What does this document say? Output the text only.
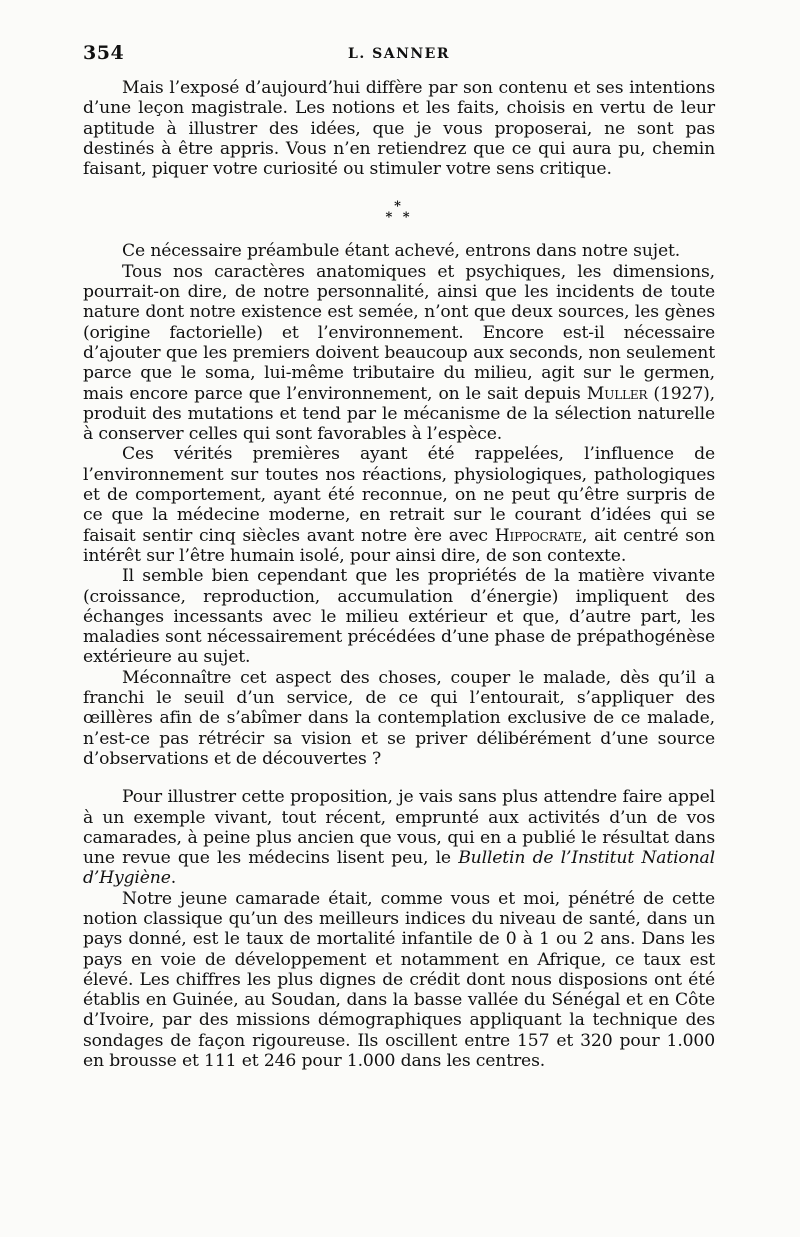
354	L. SANNER

Mais l’exposé d’aujourd’hui diffère par son contenu et ses intentions d’une leçon magistrale. Les notions et les faits, choisis en vertu de leur aptitude à illustrer des idées, que je vous proposerai, ne sont pas destinés à être appris. Vous n’en retiendrez que ce qui aura pu, chemin faisant, piquer votre curiosité ou stimuler votre sens critique.

*
* *

Ce nécessaire préambule étant achevé, entrons dans notre sujet.

Tous nos caractères anatomiques et psychiques, les dimensions, pourrait-on dire, de notre personnalité, ainsi que les incidents de toute nature dont notre existence est semée, n’ont que deux sources, les gènes (origine factorielle) et l’environnement. Encore est-il nécessaire d’ajouter que les premiers doivent beaucoup aux seconds, non seulement parce que le soma, lui-même tributaire du milieu, agit sur le germen, mais encore parce que l’environnement, on le sait depuis Muller (1927), produit des mutations et tend par le mécanisme de la sélection naturelle à conserver celles qui sont favorables à l’espèce.

Ces vérités premières ayant été rappelées, l’influence de l’environnement sur toutes nos réactions, physiologiques, pathologiques et de comportement, ayant été reconnue, on ne peut qu’être surpris de ce que la médecine moderne, en retrait sur le courant d’idées qui se faisait sentir cinq siècles avant notre ère avec Hippocrate, ait centré son intérêt sur l’être humain isolé, pour ainsi dire, de son contexte.

Il semble bien cependant que les propriétés de la matière vivante (croissance, reproduction, accumulation d’énergie) impliquent des échanges incessants avec le milieu extérieur et que, d’autre part, les maladies sont nécessairement précédées d’une phase de prépathogénèse extérieure au sujet.

Méconnaître cet aspect des choses, couper le malade, dès qu’il a franchi le seuil d’un service, de ce qui l’entourait, s’appliquer des œillères afin de s’abîmer dans la contemplation exclusive de ce malade, n’est-ce pas rétrécir sa vision et se priver délibérément d’une source d’observations et de découvertes ?

Pour illustrer cette proposition, je vais sans plus attendre faire appel à un exemple vivant, tout récent, emprunté aux activités d’un de vos camarades, à peine plus ancien que vous, qui en a publié le résultat dans une revue que les médecins lisent peu, le Bulletin de l’Institut National d’Hygiène.

Notre jeune camarade était, comme vous et moi, pénétré de cette notion classique qu’un des meilleurs indices du niveau de santé, dans un pays donné, est le taux de mortalité infantile de 0 à 1 ou 2 ans. Dans les pays en voie de développement et notamment en Afrique, ce taux est élevé. Les chiffres les plus dignes de crédit dont nous disposions ont été établis en Guinée, au Soudan, dans la basse vallée du Sénégal et en Côte d’Ivoire, par des missions démographiques appliquant la technique des sondages de façon rigoureuse. Ils oscillent entre 157 et 320 pour 1.000 en brousse et 111 et 246 pour 1.000 dans les centres.
